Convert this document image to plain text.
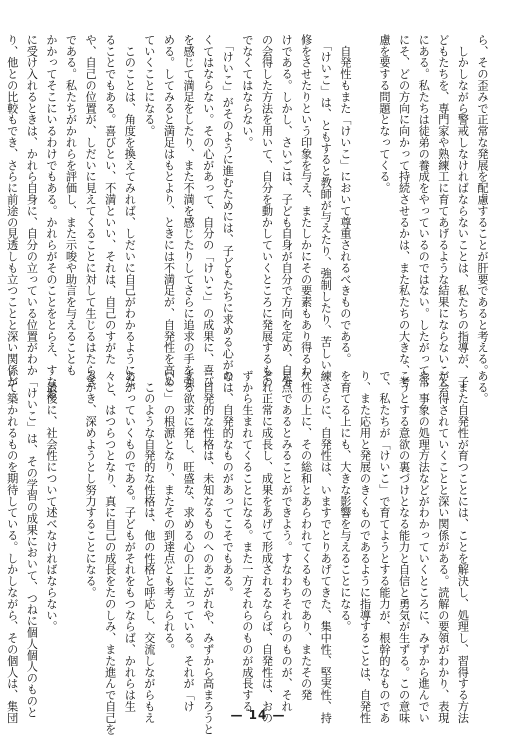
ら、その歪みで正常な発展を配慮することが肝要であると考える。
　しかしながら警戒しなければならないことは、私たちの指導が、子
どもたちを、専門家や熟練工に育てあげるような結果にならないこと
にある。私たちは徒弟の養成をやっているのではない。したがって常
にそ、どの方向に向かって持続させるかは、また私たちの大きな、考
慮を要する問題となってくる。

　自発性もまた「けいこ」において尊重されるべきものである。
　「けいこ」は、ともすると教師が与えたり、強制したり、苦しい練
修をさせたりという印象を与え、またしかにその要素もあり得るわ
けである。しかし、さいごは、子ども自身が自分で方向を定め、自分
の会得した方法を用いて、自分を動かしていくところに発展するもの
でなくてはならない。
　「けいこ」がそのように進むためには、子どもたちに求める心がな
くてはならない。その心があって、自分の「けいこ」の成果に、喜び
を感じて満足をしたり、また不満を感じたりしてさらに追求の手を強
める。してみると満足はもとより、ときには不満足が、自発性を高め
ていくことになる。
　このことは、角度を換えてみれば、しだいに自己がわかるようにな
ることでもある。喜びとい、不満といい、それは、自己のすがた
や、自己の位置が、しだいに見えてくることに対して生じるはたらき
である。私たちがかれらを評価し、また示唆や助言を与えることも
かかってそこにいるわけでもある。かれらがそのことをとらえ、すなお
に受け入れるときは、かれら自身に、自分の立っている位置がわか
り、他との比較もでき、さらに前途の見透しも立つことと深い関係が	ある。
　また自発性が育つことには、ことを解決し、処理し、習得する方法
が会得されていくことと深い関係がある。読解の要領がわかり、表現
や、事象の処理方法などがわかっていくところに、みずから進んでい
こうとする意欲の裏づけとなる能力と自信と勇気が生ずる。この意味
で、私たちが「けいこ」で育てようとする能力が、根幹的なものであ
り、また応用と発展のきくものであるように指導することは、自発性
を育てる上にも、大きな影響を与えることになる。
　さらに、自発性は、いますでとりあげてきた、集中性、堅実性、持
久性の上に、その総和とあらわれてくるものであり、またその発
足点であるとみることができよう。すなわちそれらのものが、それ
ぞれ正常に成長し、成果をあげて形成されるならば、自発性は、おの
ずから生まれてくることになる。また一方それらのものが成長する
のは、自発的なものがあってこそでもある。
　自発的な性格は、未知なるものへのあこがれや、みずから高まろうと
する欲求に発し、旺盛な、求める心の上に立っている。それが「け
いこ」の根源となり、またその到達点とも考えられる。
　このような自発的な性格は、他の性格と呼応し、交流しながらもえ
あがっていくものである。子どもがそれをもつならば、かれらは生
々と、はつらつとなり、真に自己の成長をたのしみ、また進んで自己を
みがき、深めようとし努力することになる。

　最後に、社会性について述べなければならない。
　「けいこ」は、その学習の成果において、つねに個人個人のものと
して築かれるものを期待している。しかしながら、その個人は、集団	— 14 —
